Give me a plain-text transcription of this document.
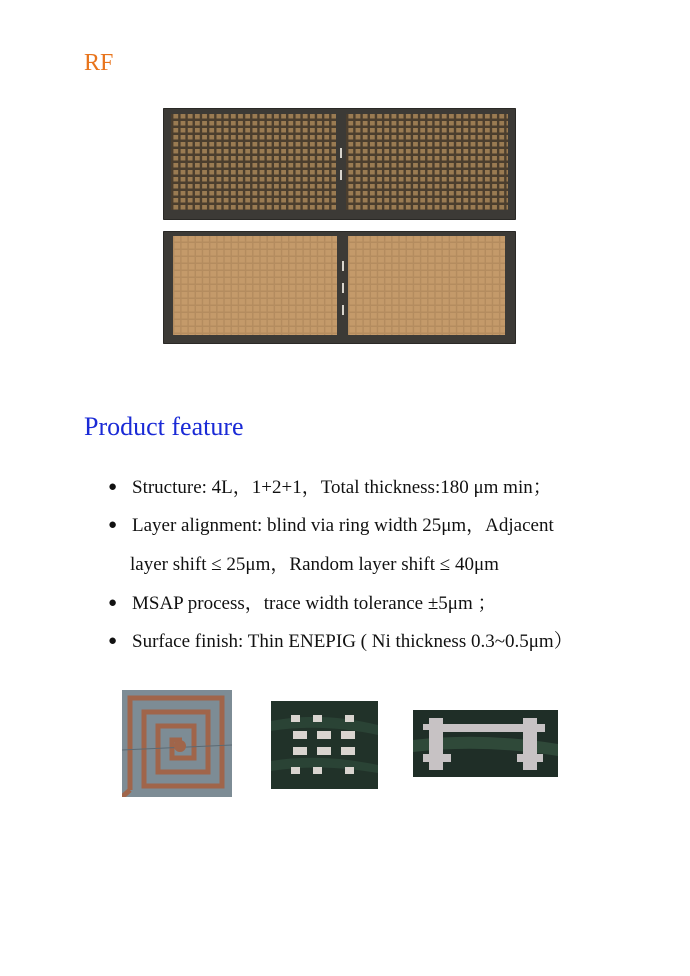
RF
Product feature
● Structure: 4L，1+2+1，Total thickness:180 μm min；
● Layer alignment: blind via ring width 25μm，Adjacent
layer shift ≤ 25μm，Random layer shift ≤ 40μm
● MSAP process，trace width tolerance ±5μm ；
● Surface finish: Thin ENEPIG ( Ni thickness 0.3~0.5μm）
